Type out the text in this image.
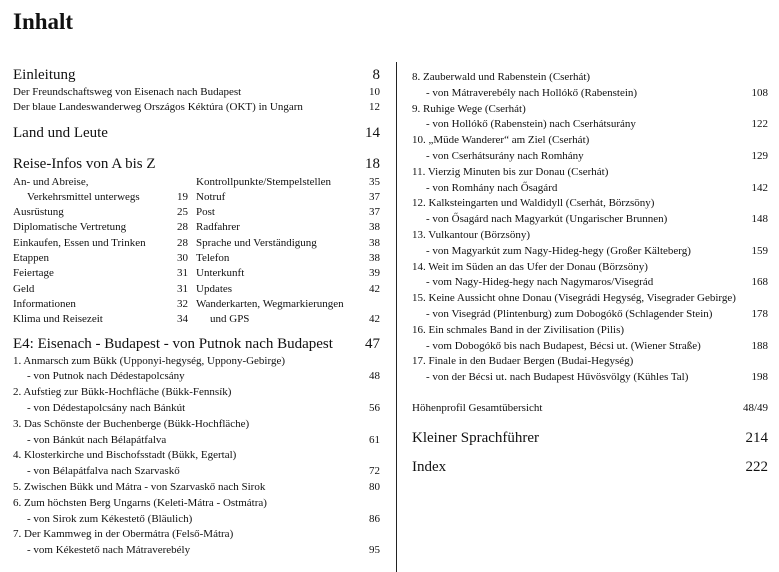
Inhalt
Einleitung	8
Der Freundschaftsweg von Eisenach nach Budapest	10
Der blaue Landeswanderweg Országos Kéktúra (OKT) in Ungarn	12
Land und Leute	14
Reise-Infos von A bis Z	18
An- und Abreise,
Verkehrsmittel unterwegs	19
Ausrüstung	25
Diplomatische Vertretung	28
Einkaufen, Essen und Trinken	28
Etappen	30
Feiertage	31
Geld	31
Informationen	32
Klima und Reisezeit	34
Kontrollpunkte/Stempelstellen	35
Notruf	37
Post	37
Radfahrer	38
Sprache und Verständigung	38
Telefon	38
Unterkunft	39
Updates	42
Wanderkarten, Wegmarkierungen
und GPS	42
E4: Eisenach - Budapest - von Putnok nach Budapest	47
1. Anmarsch zum Bükk (Upponyi-hegység, Uppony-Gebirge)
- von Putnok nach Dédestapolcsány	48
2. Aufstieg zur Bükk-Hochfläche (Bükk-Fennsík)
- von Dédestapolcsány nach Bánkút	56
3. Das Schönste der Buchenberge (Bükk-Hochfläche)
- von Bánkút nach Bélapátfalva	61
4. Klosterkirche und Bischofsstadt (Bükk, Egertal)
- von Bélapátfalva nach Szarvaskő	72
5. Zwischen Bükk und Mátra - von Szarvaskő nach Sirok	80
6. Zum höchsten Berg Ungarns (Keleti-Mátra - Ostmátra)
- von Sirok zum Kékestető (Bläulich)	86
7. Der Kammweg in der Obermátra (Felső-Mátra)
- vom Kékestető nach Mátraverebély	95
8. Zauberwald und Rabenstein (Cserhát)
- von Mátraverebély nach Hollókő (Rabenstein)	108
9. Ruhige Wege (Cserhát)
- von Hollókő (Rabenstein) nach Cserhátsurány	122
10. „Müde Wanderer“ am Ziel (Cserhát)
- von Cserhátsurány nach Romhány	129
11. Vierzig Minuten bis zur Donau (Cserhát)
- von Romhány nach Ősagárd	142
12. Kalksteingarten und Waldidyll (Cserhát, Börzsöny)
- von Ősagárd nach Magyarkút (Ungarischer Brunnen)	148
13. Vulkantour (Börzsöny)
- von Magyarkút zum Nagy-Hideg-hegy (Großer Kälteberg)	159
14. Weit im Süden an das Ufer der Donau (Börzsöny)
- vom Nagy-Hideg-hegy nach Nagymaros/Visegrád	168
15. Keine Aussicht ohne Donau (Visegrádi Hegység, Visegrader Gebirge)
- von Visegrád (Plintenburg) zum Dobogókő (Schlagender Stein)	178
16. Ein schmales Band in der Zivilisation (Pilis)
- vom Dobogókő bis nach Budapest, Bécsi ut. (Wiener Straße)	188
17. Finale in den Budaer Bergen (Budai-Hegység)
- von der Bécsi ut. nach Budapest Hűvösvölgy (Kühles Tal)	198
Höhenprofil Gesamtübersicht	48/49
Kleiner Sprachführer	214
Index	222
